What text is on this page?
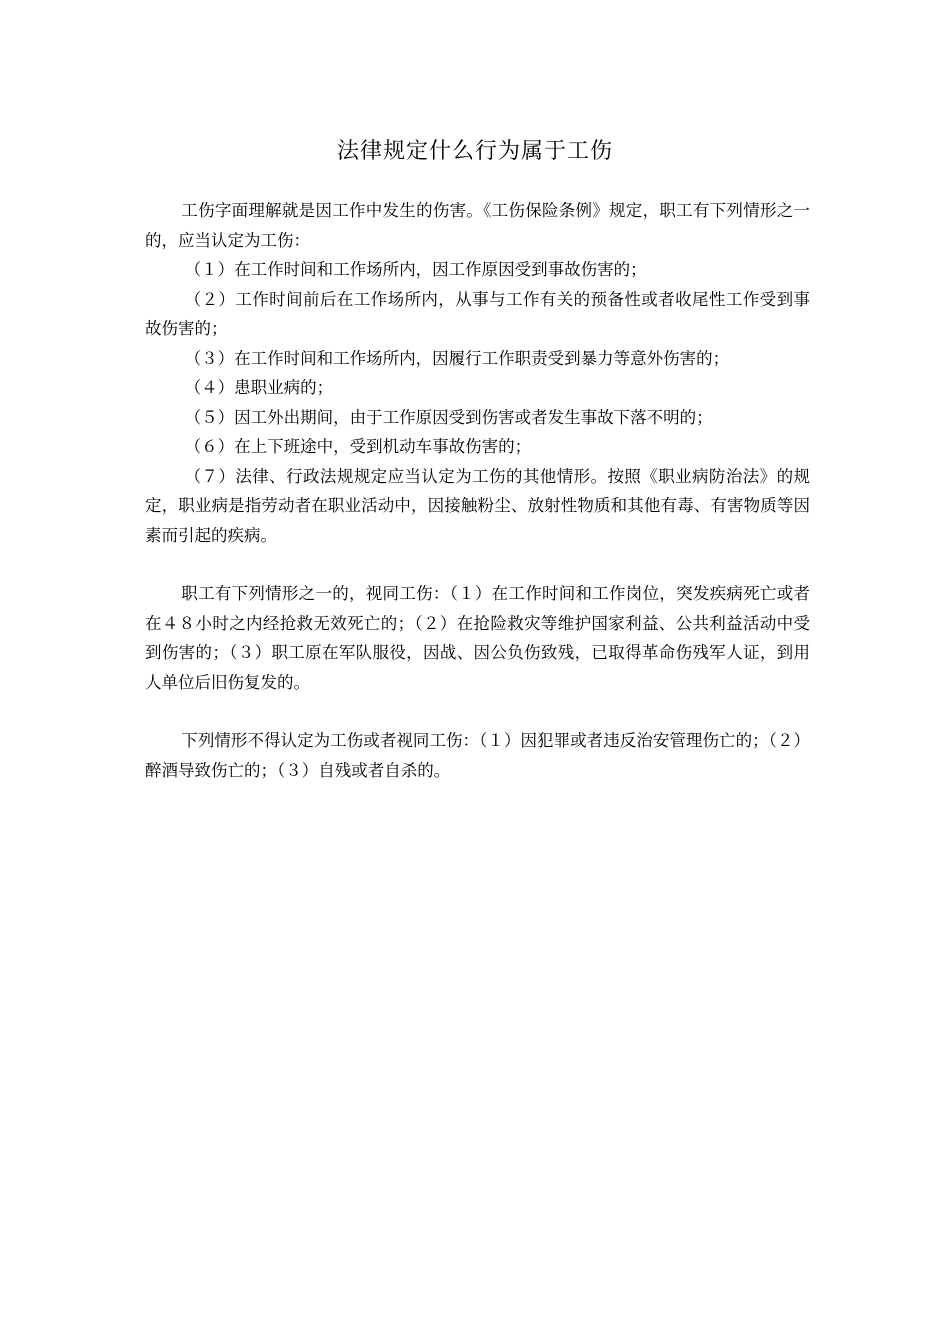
法律规定什么行为属于工伤

工伤字面理解就是因工作中发生的伤害。《工伤保险条例》规定，职工有下列情形之一的，应当认定为工伤：

（１）在工作时间和工作场所内，因工作原因受到事故伤害的；

（２）工作时间前后在工作场所内，从事与工作有关的预备性或者收尾性工作受到事故伤害的；

（３）在工作时间和工作场所内，因履行工作职责受到暴力等意外伤害的；

（４）患职业病的；

（５）因工外出期间，由于工作原因受到伤害或者发生事故下落不明的；

（６）在上下班途中，受到机动车事故伤害的；

（７）法律、行政法规规定应当认定为工伤的其他情形。按照《职业病防治法》的规定，职业病是指劳动者在职业活动中，因接触粉尘、放射性物质和其他有毒、有害物质等因素而引起的疾病。

职工有下列情形之一的，视同工伤：（１）在工作时间和工作岗位，突发疾病死亡或者在４８小时之内经抢救无效死亡的；（２）在抢险救灾等维护国家利益、公共利益活动中受到伤害的；（３）职工原在军队服役，因战、因公负伤致残，已取得革命伤残军人证，到用人单位后旧伤复发的。

下列情形不得认定为工伤或者视同工伤：（１）因犯罪或者违反治安管理伤亡的；（２）醉酒导致伤亡的；（３）自残或者自杀的。
